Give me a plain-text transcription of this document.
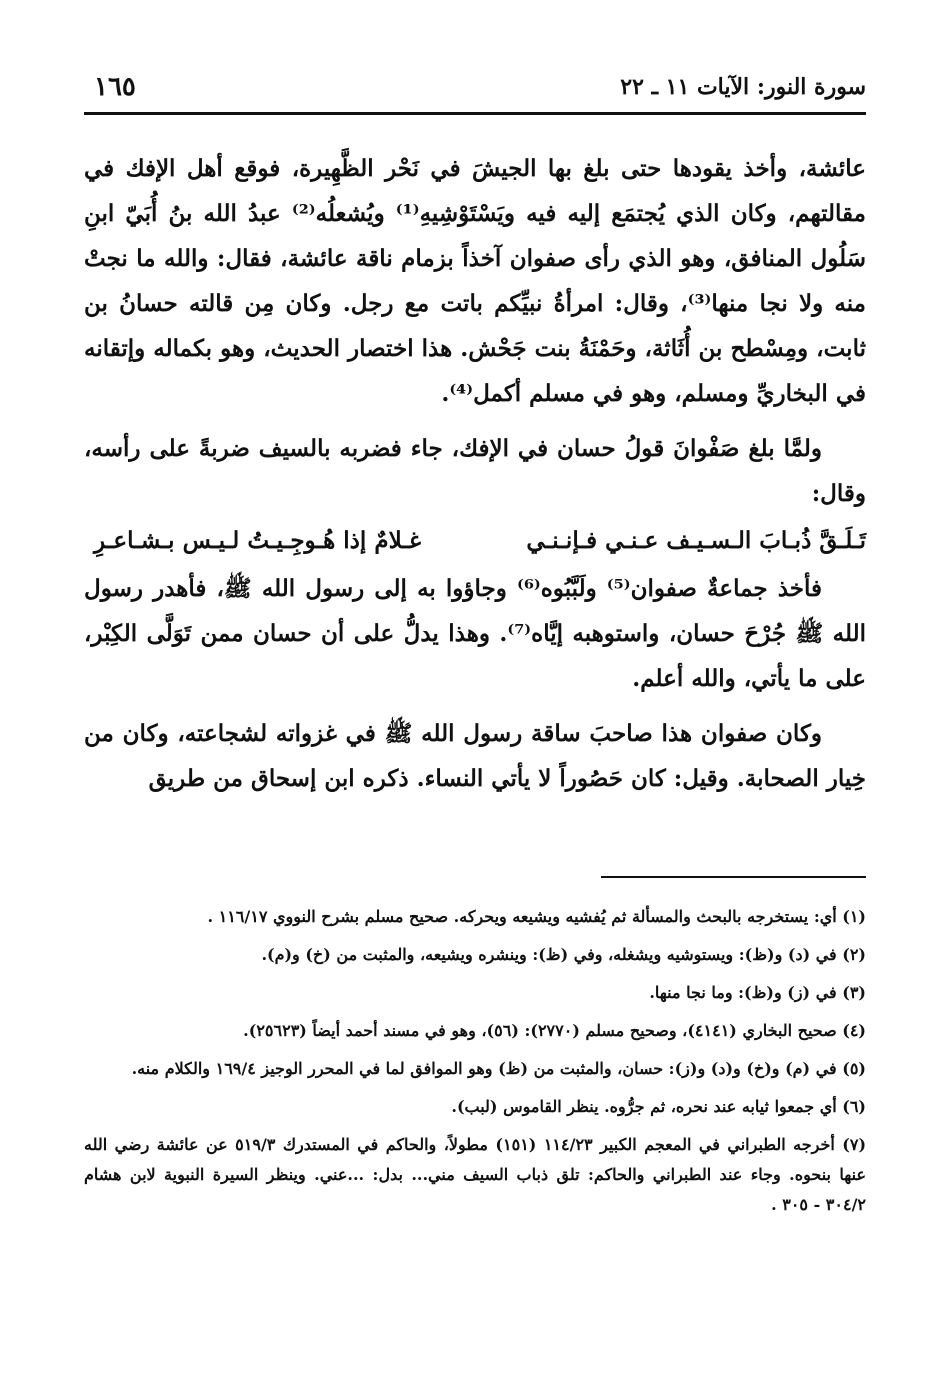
سورة النور: الآيات ١١ ـ ٢٢
١٦٥

عائشة، وأخذ يقودها حتى بلغ بها الجيشَ في نَحْر الظَّهِيرة، فوقع أهل الإفك في مقالتهم، وكان الذي يُجتمَع إليه فيه ويَسْتَوْشِيهِ⁽¹⁾ ويُشعلُه⁽²⁾ عبدُ الله بنُ أُبَيّ ابنِ سَلُول المنافق، وهو الذي رأى صفوان آخذاً بزمام ناقة عائشة، فقال: والله ما نجتْ منه ولا نجا منها⁽³⁾، وقال: امرأةُ نبيِّكم باتت مع رجل. وكان مِن قالته حسانُ بن ثابت، ومِسْطح بن أُثَاثة، وحَمْنَةُ بنت جَحْش. هذا اختصار الحديث، وهو بكماله وإتقانه في البخاريِّ ومسلم، وهو في مسلم أكمل⁽⁴⁾.

ولمَّا بلغ صَفْوانَ قولُ حسان في الإفك، جاء فضربه بالسيف ضربةً على رأسه، وقال:

تَـلَـقَّ ذُبـابَ الـسـيـف عـنـي فـإنـنـي
غـلامٌ إذا هُـوجِـيـتُ لـيـس بـشـاعـرِ

فأخذ جماعةٌ صفوان⁽⁵⁾ ولَبَّبُوه⁽⁶⁾ وجاؤوا به إلى رسول الله ﷺ، فأهدر رسول الله ﷺ جُرْحَ حسان، واستوهبه إيَّاه⁽⁷⁾. وهذا يدلُّ على أن حسان ممن تَوَلَّى الكِبْر، على ما يأتي، والله أعلم.

وكان صفوان هذا صاحبَ ساقة رسول الله ﷺ في غزواته لشجاعته، وكان من خِيار الصحابة. وقيل: كان حَصُوراً لا يأتي النساء. ذكره ابن إسحاق من طريق

(١) أي: يستخرجه بالبحث والمسألة ثم يُفشيه ويشيعه ويحركه. صحيح مسلم بشرح النووي ١١٦/١٧ .

(٢) في (د) و(ظ): ويستوشيه ويشغله، وفي (ظ): وينشره ويشيعه، والمثبت من (خ) و(م).

(٣) في (ز) و(ظ): وما نجا منها.

(٤) صحيح البخاري (٤١٤١)، وصحيح مسلم (٢٧٧٠): (٥٦)، وهو في مسند أحمد أيضاً (٢٥٦٢٣).

(٥) في (م) و(خ) و(د) و(ز): حسان، والمثبت من (ظ) وهو الموافق لما في المحرر الوجيز ١٦٩/٤ والكلام منه.

(٦) أي جمعوا ثيابه عند نحره، ثم جرُّوه. ينظر القاموس (لبب).

(٧) أخرجه الطبراني في المعجم الكبير ١١٤/٢٣ (١٥١) مطولاً، والحاكم في المستدرك ٥١٩/٣ عن عائشة رضي الله عنها بنحوه. وجاء عند الطبراني والحاكم: تلق ذباب السيف مني... بدل: ...عني. وينظر السيرة النبوية لابن هشام ٣٠٤/٢ - ٣٠٥ .
